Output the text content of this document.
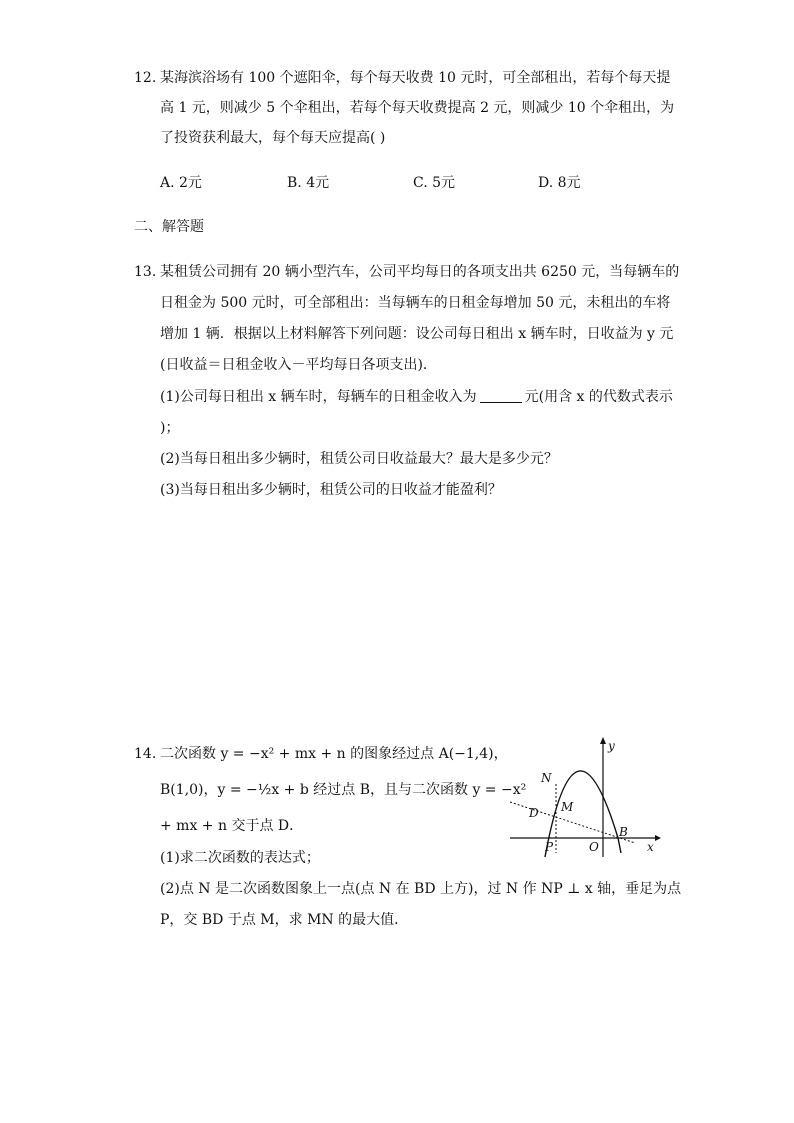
12. 某海滨浴场有 100 个遮阳伞，每个每天收费 10 元时，可全部租出，若每个每天提
高 1 元，则减少 5 个伞租出，若每个每天收费提高 2 元，则减少 10 个伞租出，为
了投资获利最大，每个每天应提高( )
A. 2元	B. 4元	C. 5元	D. 8元
二、解答题
13. 某租赁公司拥有 20 辆小型汽车，公司平均每日的各项支出共 6250 元，当每辆车的
日租金为 500 元时，可全部租出：当每辆车的日租金每增加 50 元，未租出的车将
增加 1 辆．根据以上材料解答下列问题：设公司每日租出 x 辆车时，日收益为 y 元
(日收益＝日租金收入－平均每日各项支出)．
(1)公司每日租出 x 辆车时，每辆车的日租金收入为	元(用含 x 的代数式表示
)；
(2)当每日租出多少辆时，租赁公司日收益最大？最大是多少元？
(3)当每日租出多少辆时，租赁公司的日收益才能盈利？
14. 二次函数 y = −x² + mx + n 的图象经过点 A(−1,4)，
B(1,0)，y = −½x + b 经过点 B，且与二次函数 y = −x²
+ mx + n 交于点 D．
(1)求二次函数的表达式；
(2)点 N 是二次函数图象上一点(点 N 在 BD 上方)，过 N 作 NP ⊥ x 轴，垂足为点
P，交 BD 于点 M，求 MN 的最大值．
y
x
N
M
D
B
P	O
